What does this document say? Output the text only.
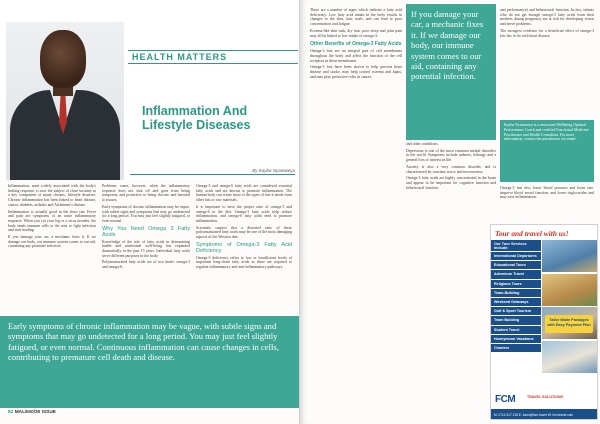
HEALTH MATTERS
Inflammation And Lifestyle Diseases
By Kayba Nyamweya

Inflammation, most widely associated with the body's healing response, is now the subject of close scrutiny as a key component of many chronic, lifestyle diseases. Chronic inflammation has been linked to heart disease, cancer, diabetes, arthritis and Alzheimer's disease.

Inflammation is actually good in the short run. Fever and pain are symptoms of an acute inflammatory response. When you cut your leg or a virus invades, the body sends immune cells to the area to fight infection and start healing.

If you damage your car, a mechanic fixes it. If we damage our body, our immune system comes to our aid, containing any potential infection.

Problems come, however, when the inflammatory response does not shut off and goes from being temporary and protective to being chronic and harmful to tissues.

Early symptoms of chronic inflammation may be vague, with subtle signs and symptoms that may go undetected for a long period. You may just feel slightly fatigued, or even normal.

Why You Need Omega 3 Fatty Acids

Knowledge of the role of fatty acids in determining health and nutritional well-being has expanded dramatically in the past 15 years. Individual fatty acids serve different purposes in the body.

Polyunsaturated fatty acids are of two kinds: omega-3 and omega-6.

Omega-3 and omega-6 fatty acids are considered essential fatty acids and are known to promote inflammation. The human body can create most of the types of fats it needs from other fats or raw materials.

It is important to have the proper ratio of omega-3 and omega-6 in the diet. Omega-3 fatty acids help reduce inflammation, and omega-6 fatty acids tend to promote inflammation.

Scientists suspect that a distorted ratio of these polyunsaturated fatty acids may be one of the most damaging aspects of the Western diet.

Symptoms of Omega-3 Fatty Acid Deficiency

Omega-3 deficiency refers to low or insufficient levels of important long-chain fatty acids as these are required to regulate inflammatory and anti-inflammatory pathways.

Early symptoms of chronic inflammation may be vague, with subtle signs and symptoms that may go undetected for a long period. You may just feel slightly fatigued, or even normal. Continuous inflammation can cause changes in cells, contributing to premature cell death and disease.
82 MALE50/30 ISSUE

There are a number of signs which indicate a fatty acid deficiency. Low fatty acid intake in the body results in changes to the skin, hair, nails, and can lead to poor concentration and fatigue.

Eczema-like skin rash, dry hair, poor sleep and joint pain may all be linked to low intake of omega-3.

Other Benefits of Omega-3 Fatty Acids

Omega-3 fats are an integral part of cell membranes throughout the body and affect the function of the cell receptors in these membranes.

Omega-3 fats have been shown to help prevent heart disease and stroke, may help control eczema and lupus, and may play protective roles in cancer.

If you damage your car, a mechanic fixes it. If we damage our body, our immune system comes to our aid, containing any potential infection.

and other conditions.

Depression is one of the most common mental disorders in the world. Symptoms include sadness, lethargy and a general loss of interest in life.

Anxiety is also a very common disorder, and is characterized by constant worry and nervousness.

Omega-3 fatty acids are highly concentrated in the brain and appear to be important for cognitive function and behavioural function.

and performance) and behavioural function. In fact, infants who do not get enough omega-3 fatty acids from their mothers during pregnancy are at risk for developing vision and nerve problems.

The strongest evidence for a beneficial effect of omega-3 fats has to do with heart disease.

Kayba Nyamweya is a renowned Wellbeing Optimal Performance Coach and certified Functional Medicine Practitioner and Health Consultant. For more information, contact the practitioner via email.

Omega-3 fats also lower blood pressure and heart rate, improve blood vessel function, and lower triglycerides and may ease inflammation.

Tour and travel with us!
Our Tour Services Include:
International Departures
Educational Tours
Adventure Travel
Religious Tours
Team-Building
Weekend Getaways
Golf & Sport Tourism
Team Building
Student Travel
Honeymoon Vacations
Charters
Tailor Made Packages with Easy Payment Plan
FCM	TRAVEL SOLUTIONS
M: 0714 417 218 E: tours@fcm.travel W: fcm.travel.com
